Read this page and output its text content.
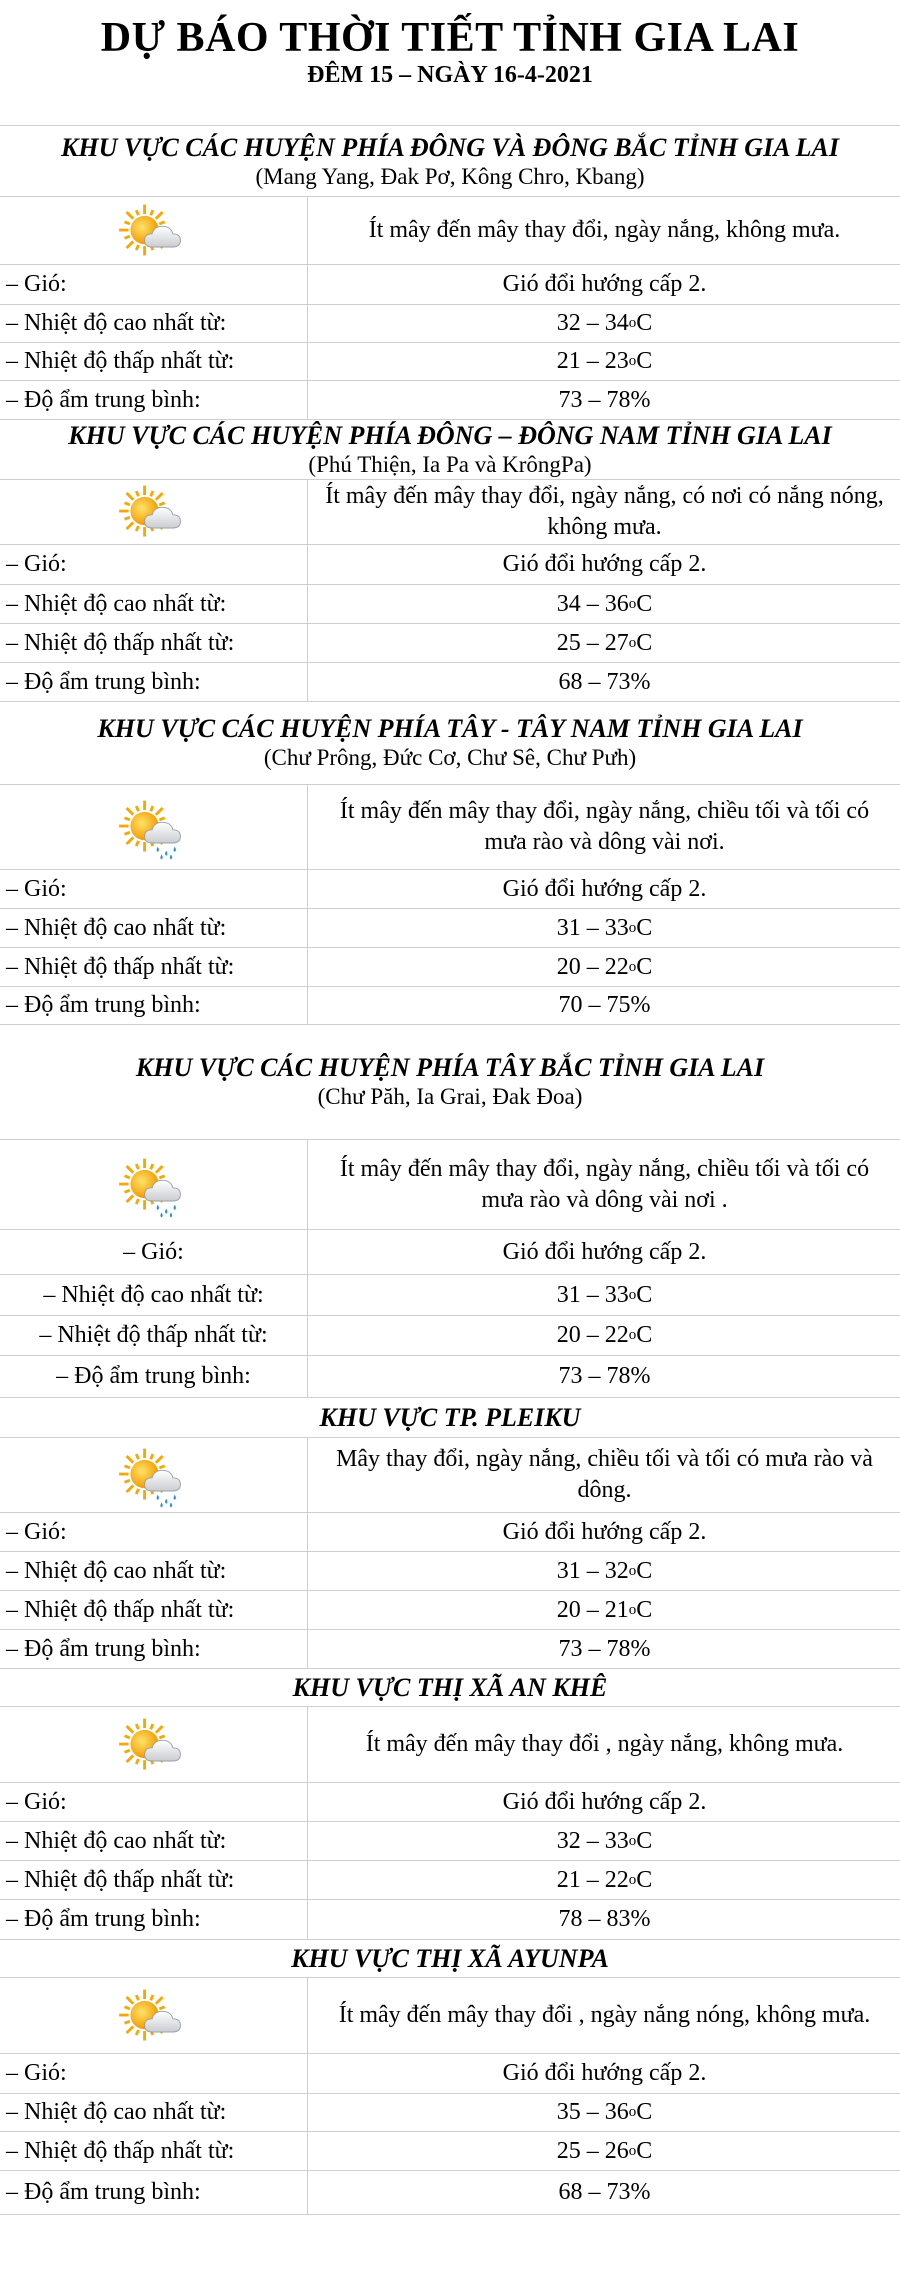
DỰ BÁO THỜI TIẾT TỈNH GIA LAI
ĐÊM 15 – NGÀY 16-4-2021
KHU VỰC CÁC HUYỆN PHÍA ĐÔNG VÀ ĐÔNG BẮC TỈNH GIA LAI
(Mang Yang, Đak Pơ, Kông Chro, Kbang)
Ít mây đến mây thay đổi, ngày nắng, không mưa.
– Gió:	Gió đổi hướng cấp 2.
– Nhiệt độ cao nhất từ:	32 – 34 o C
– Nhiệt độ thấp nhất từ:	21 – 23 o C
– Độ ẩm trung bình:	73 – 78%
KHU VỰC CÁC HUYỆN PHÍA ĐÔNG – ĐÔNG NAM TỈNH GIA LAI
(Phú Thiện, Ia Pa và KrôngPa)
Ít mây đến mây thay đổi, ngày nắng, có nơi có nắng nóng, không mưa.
– Gió:	Gió đổi hướng cấp 2.
– Nhiệt độ cao nhất từ:	34 – 36 o C
– Nhiệt độ thấp nhất từ:	25 – 27 o C
– Độ ẩm trung bình:	68 – 73%
KHU VỰC CÁC HUYỆN PHÍA TÂY - TÂY NAM TỈNH GIA LAI
(Chư Prông, Đức Cơ, Chư Sê, Chư Pưh)
Ít mây đến mây thay đổi, ngày nắng, chiều tối và tối có mưa rào và dông vài nơi.
– Gió:	Gió đổi hướng cấp 2.
– Nhiệt độ cao nhất từ:	31 – 33 o C
– Nhiệt độ thấp nhất từ:	20 – 22 o C
– Độ ẩm trung bình:	70 – 75%
KHU VỰC CÁC HUYỆN PHÍA TÂY BẮC TỈNH GIA LAI
(Chư Păh, Ia Grai, Đak Đoa)
Ít mây đến mây thay đổi, ngày nắng, chiều tối và tối có mưa rào và dông vài nơi .
– Gió:	Gió đổi hướng cấp 2.
– Nhiệt độ cao nhất từ:	31 – 33 o C
– Nhiệt độ thấp nhất từ:	20 – 22 o C
– Độ ẩm trung bình:	73 – 78%
KHU VỰC TP. PLEIKU
Mây thay đổi, ngày nắng, chiều tối và tối có mưa rào và dông.
– Gió:	Gió đổi hướng cấp 2.
– Nhiệt độ cao nhất từ:	31 – 32 o C
– Nhiệt độ thấp nhất từ:	20 – 21 o C
– Độ ẩm trung bình:	73 – 78%
KHU VỰC THỊ XÃ AN KHÊ
Ít mây đến mây thay đổi , ngày nắng, không mưa.
– Gió:	Gió đổi hướng cấp 2.
– Nhiệt độ cao nhất từ:	32 – 33 o C
– Nhiệt độ thấp nhất từ:	21 – 22 o C
– Độ ẩm trung bình:	78 – 83%
KHU VỰC THỊ XÃ AYUNPA
Ít mây đến mây thay đổi , ngày nắng nóng, không mưa.
– Gió:	Gió đổi hướng cấp 2.
– Nhiệt độ cao nhất từ:	35 – 36 o C
– Nhiệt độ thấp nhất từ:	25 – 26 o C
– Độ ẩm trung bình:	68 – 73%
